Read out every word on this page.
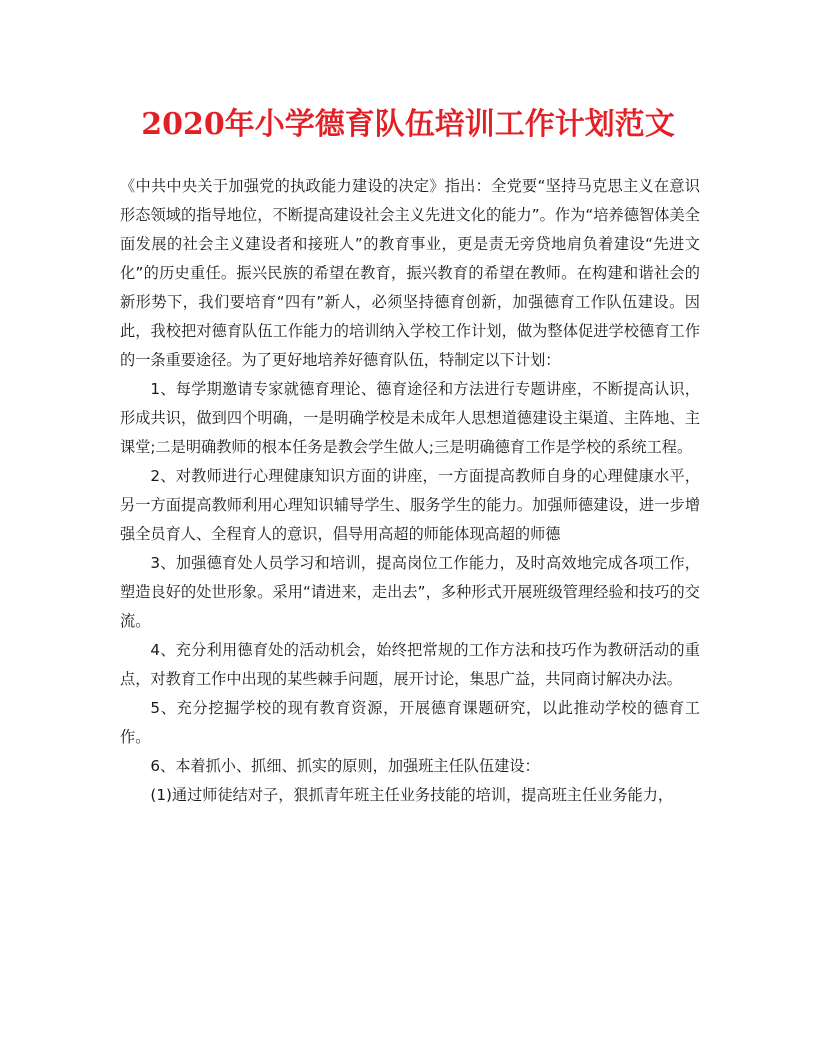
2020年小学德育队伍培训工作计划范文

《中共中央关于加强党的执政能力建设的决定》指出：全党要“坚持马克思主义在意识形态领域的指导地位，不断提高建设社会主义先进文化的能力”。作为“培养德智体美全面发展的社会主义建设者和接班人”的教育事业，更是责无旁贷地肩负着建设“先进文化”的历史重任。振兴民族的希望在教育，振兴教育的希望在教师。在构建和谐社会的新形势下，我们要培育“四有”新人，必须坚持德育创新，加强德育工作队伍建设。因此，我校把对德育队伍工作能力的培训纳入学校工作计划，做为整体促进学校德育工作的一条重要途径。为了更好地培养好德育队伍，特制定以下计划：

1、每学期邀请专家就德育理论、德育途径和方法进行专题讲座，不断提高认识，形成共识，做到四个明确，一是明确学校是未成年人思想道德建设主渠道、主阵地、主课堂;二是明确教师的根本任务是教会学生做人;三是明确德育工作是学校的系统工程。

2、对教师进行心理健康知识方面的讲座，一方面提高教师自身的心理健康水平，另一方面提高教师利用心理知识辅导学生、服务学生的能力。加强师德建设，进一步增强全员育人、全程育人的意识，倡导用高超的师能体现高超的师德

3、加强德育处人员学习和培训，提高岗位工作能力，及时高效地完成各项工作，塑造良好的处世形象。采用“请进来，走出去”，多种形式开展班级管理经验和技巧的交流。

4、充分利用德育处的活动机会，始终把常规的工作方法和技巧作为教研活动的重点，对教育工作中出现的某些棘手问题，展开讨论，集思广益，共同商讨解决办法。

5、充分挖掘学校的现有教育资源，开展德育课题研究，以此推动学校的德育工作。

6、本着抓小、抓细、抓实的原则，加强班主任队伍建设：

(1)通过师徒结对子，狠抓青年班主任业务技能的培训，提高班主任业务能力，
